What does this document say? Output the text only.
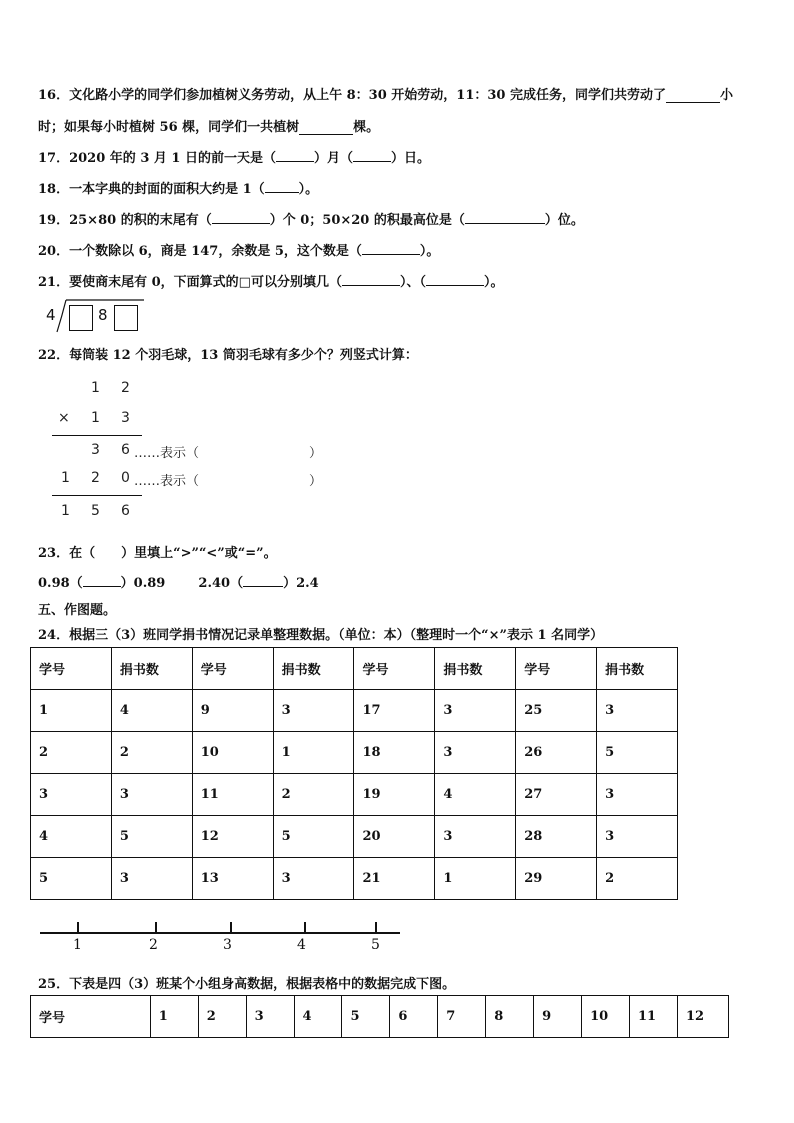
16．文化路小学的同学们参加植树义务劳动，从上午 8：30 开始劳动，11：30 完成任务，同学们共劳动了	小
时；如果每小时植树 56 棵，同学们一共植树	棵。
17．2020 年的 3 月 1 日的前一天是（	）月（	）日。
18．一本字典的封面的面积大约是 1（	）。
19．25×80 的积的末尾有（	）个 0；50×20 的积最高位是（	）位。
20．一个数除以 6，商是 147，余数是 5，这个数是（	）。
21．要使商末尾有 0，下面算式的□可以分别填几（	）、（	）。
4	8
22．每筒装 12 个羽毛球，13 筒羽毛球有多少个？列竖式计算：
1 2
× 1 3
3 6 ……表示（	）
1 2 0 ……表示（	）
1 5 6
23．在（　　）里填上“>”“<”或“=”。
0.98（	）0.89	2.40（	）2.4
五、作图题。
24．根据三（3）班同学捐书情况记录单整理数据。（单位：本）（整理时一个“×”表示 1 名同学）
学号	捐书数	学号	捐书数	学号	捐书数	学号	捐书数
1	4	9	3	17	3	25	3
2	2	10	1	18	3	26	5
3	3	11	2	19	4	27	3
4	5	12	5	20	3	28	3
5	3	13	3	21	1	29	2
1	2	3	4	5
25．下表是四（3）班某个小组身高数据，根据表格中的数据完成下图。
学号	1	2	3	4	5	6	7	8	9	10	11	12
